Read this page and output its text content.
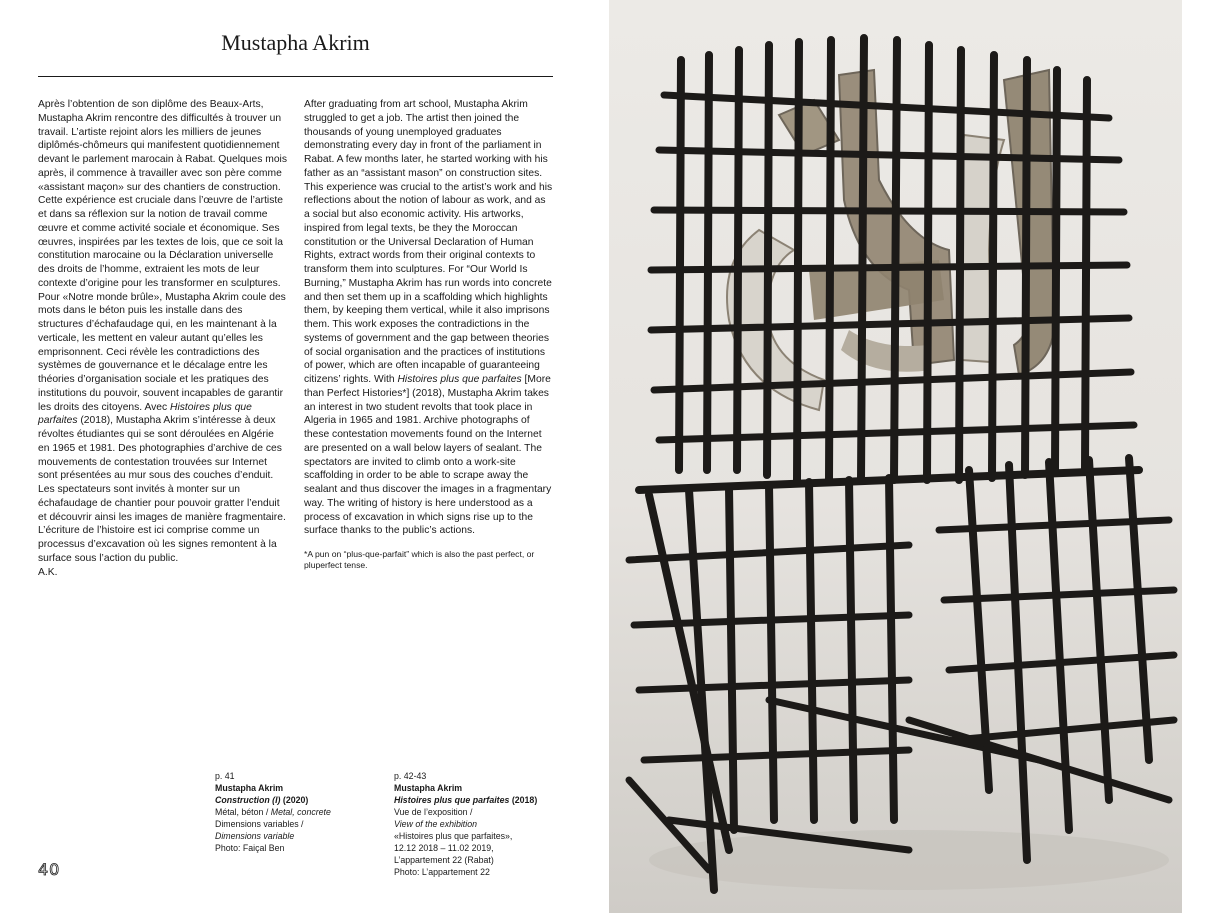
Mustapha Akrim

Après l’obtention de son diplôme des Beaux-Arts, Mustapha Akrim rencontre des difficultés à trouver un travail. L’artiste rejoint alors les milliers de jeunes diplômés-chômeurs qui manifestent quotidiennement devant le parlement marocain à Rabat. Quelques mois après, il commence à travailler avec son père comme «assistant maçon» sur des chantiers de construction. Cette expérience est cruciale dans l’œuvre de l’artiste et dans sa réflexion sur la notion de travail comme œuvre et comme activité sociale et économique. Ses œuvres, inspirées par les textes de lois, que ce soit la constitution marocaine ou la Déclaration universelle des droits de l’homme, extraient les mots de leur contexte d’origine pour les transformer en sculptures. Pour «Notre monde brûle», Mustapha Akrim coule des mots dans le béton puis les installe dans des structures d’échafaudage qui, en les maintenant à la verticale, les mettent en valeur autant qu’elles les emprisonnent. Ceci révèle les contradictions des systèmes de gouvernance et le décalage entre les théories d’organisation sociale et les pratiques des institutions du pouvoir, souvent incapables de garantir les droits des citoyens. Avec Histoires plus que parfaites (2018), Mustapha Akrim s’intéresse à deux révoltes étudiantes qui se sont déroulées en Algérie en 1965 et 1981. Des photographies d’archive de ces mouvements de contestation trouvées sur Internet sont présentées au mur sous des couches d’enduit. Les spectateurs sont invités à monter sur un échafaudage de chantier pour pouvoir gratter l’enduit et découvrir ainsi les images de manière fragmentaire. L’écriture de l’histoire est ici comprise comme un processus d’excavation où les signes remontent à la surface sous l’action du public.

A.K.

After graduating from art school, Mustapha Akrim struggled to get a job. The artist then joined the thousands of young unemployed graduates demonstrating every day in front of the parliament in Rabat. A few months later, he started working with his father as an “assistant mason” on construction sites. This experience was crucial to the artist’s work and his reflections about the notion of labour as work, and as a social but also economic activity. His artworks, inspired from legal texts, be they the Moroccan constitution or the Universal Declaration of Human Rights, extract words from their original contexts to transform them into sculptures. For “Our World Is Burning,” Mustapha Akrim has run words into concrete and then set them up in a scaffolding which highlights them, by keeping them vertical, while it also imprisons them. This work exposes the contradictions in the systems of government and the gap between theories of social organisation and the practices of institutions of power, which are often incapable of guaranteeing citizens’ rights. With Histoires plus que parfaites [More than Perfect Histories*] (2018), Mustapha Akrim takes an interest in two student revolts that took place in Algeria in 1965 and 1981. Archive photographs of these contestation movements found on the Internet are presented on a wall below layers of sealant. The spectators are invited to climb onto a work-site scaffolding in order to be able to scrape away the sealant and thus discover the images in a fragmentary way. The writing of history is here understood as a process of excavation in which signs rise up to the surface thanks to the public’s actions.

*A pun on “plus-que-parfait” which is also the past perfect, or pluperfect tense.

p. 41
Mustapha Akrim
Construction (I) (2020)
Métal, béton / Metal, concrete
Dimensions variables /
Dimensions variable
Photo: Faiçal Ben
p. 42-43
Mustapha Akrim
Histoires plus que parfaites (2018)
Vue de l’exposition /
View of the exhibition
«Histoires plus que parfaites»,
12.12 2018 – 11.02 2019,
L’appartement 22 (Rabat)
Photo: L’appartement 22
40
